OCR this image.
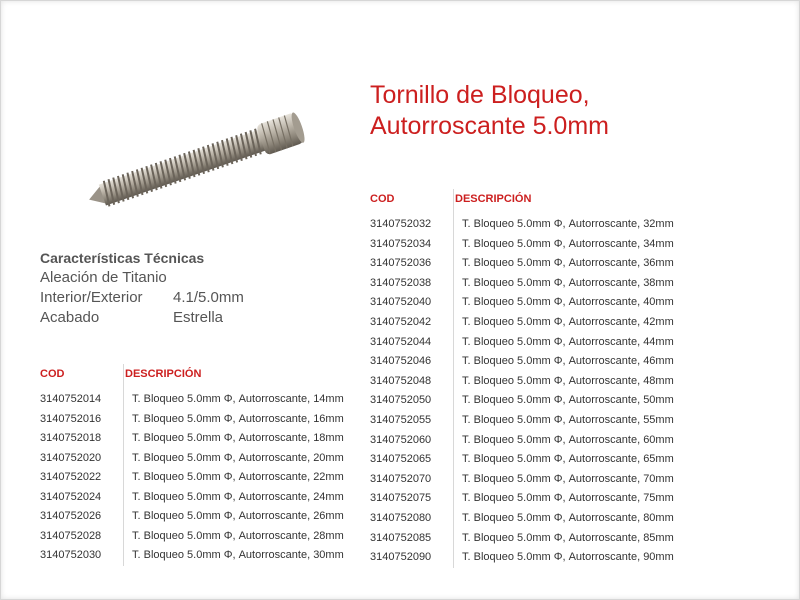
Tornillo de Bloqueo,
Autorroscante 5.0mm
Características Técnicas
Aleación de Titanio
Interior/Exterior	4.1/5.0mm
Acabado	Estrella
COD	DESCRIPCIÓN
3140752014	T. Bloqueo 5.0mm Φ, Autorroscante, 14mm
3140752016	T. Bloqueo 5.0mm Φ, Autorroscante, 16mm
3140752018	T. Bloqueo 5.0mm Φ, Autorroscante, 18mm
3140752020	T. Bloqueo 5.0mm Φ, Autorroscante, 20mm
3140752022	T. Bloqueo 5.0mm Φ, Autorroscante, 22mm
3140752024	T. Bloqueo 5.0mm Φ, Autorroscante, 24mm
3140752026	T. Bloqueo 5.0mm Φ, Autorroscante, 26mm
3140752028	T. Bloqueo 5.0mm Φ, Autorroscante, 28mm
3140752030	T. Bloqueo 5.0mm Φ, Autorroscante, 30mm
COD	DESCRIPCIÓN
3140752032	T. Bloqueo 5.0mm Φ, Autorroscante, 32mm
3140752034	T. Bloqueo 5.0mm Φ, Autorroscante, 34mm
3140752036	T. Bloqueo 5.0mm Φ, Autorroscante, 36mm
3140752038	T. Bloqueo 5.0mm Φ, Autorroscante, 38mm
3140752040	T. Bloqueo 5.0mm Φ, Autorroscante, 40mm
3140752042	T. Bloqueo 5.0mm Φ, Autorroscante, 42mm
3140752044	T. Bloqueo 5.0mm Φ, Autorroscante, 44mm
3140752046	T. Bloqueo 5.0mm Φ, Autorroscante, 46mm
3140752048	T. Bloqueo 5.0mm Φ, Autorroscante, 48mm
3140752050	T. Bloqueo 5.0mm Φ, Autorroscante, 50mm
3140752055	T. Bloqueo 5.0mm Φ, Autorroscante, 55mm
3140752060	T. Bloqueo 5.0mm Φ, Autorroscante, 60mm
3140752065	T. Bloqueo 5.0mm Φ, Autorroscante, 65mm
3140752070	T. Bloqueo 5.0mm Φ, Autorroscante, 70mm
3140752075	T. Bloqueo 5.0mm Φ, Autorroscante, 75mm
3140752080	T. Bloqueo 5.0mm Φ, Autorroscante, 80mm
3140752085	T. Bloqueo 5.0mm Φ, Autorroscante, 85mm
3140752090	T. Bloqueo 5.0mm Φ, Autorroscante, 90mm
